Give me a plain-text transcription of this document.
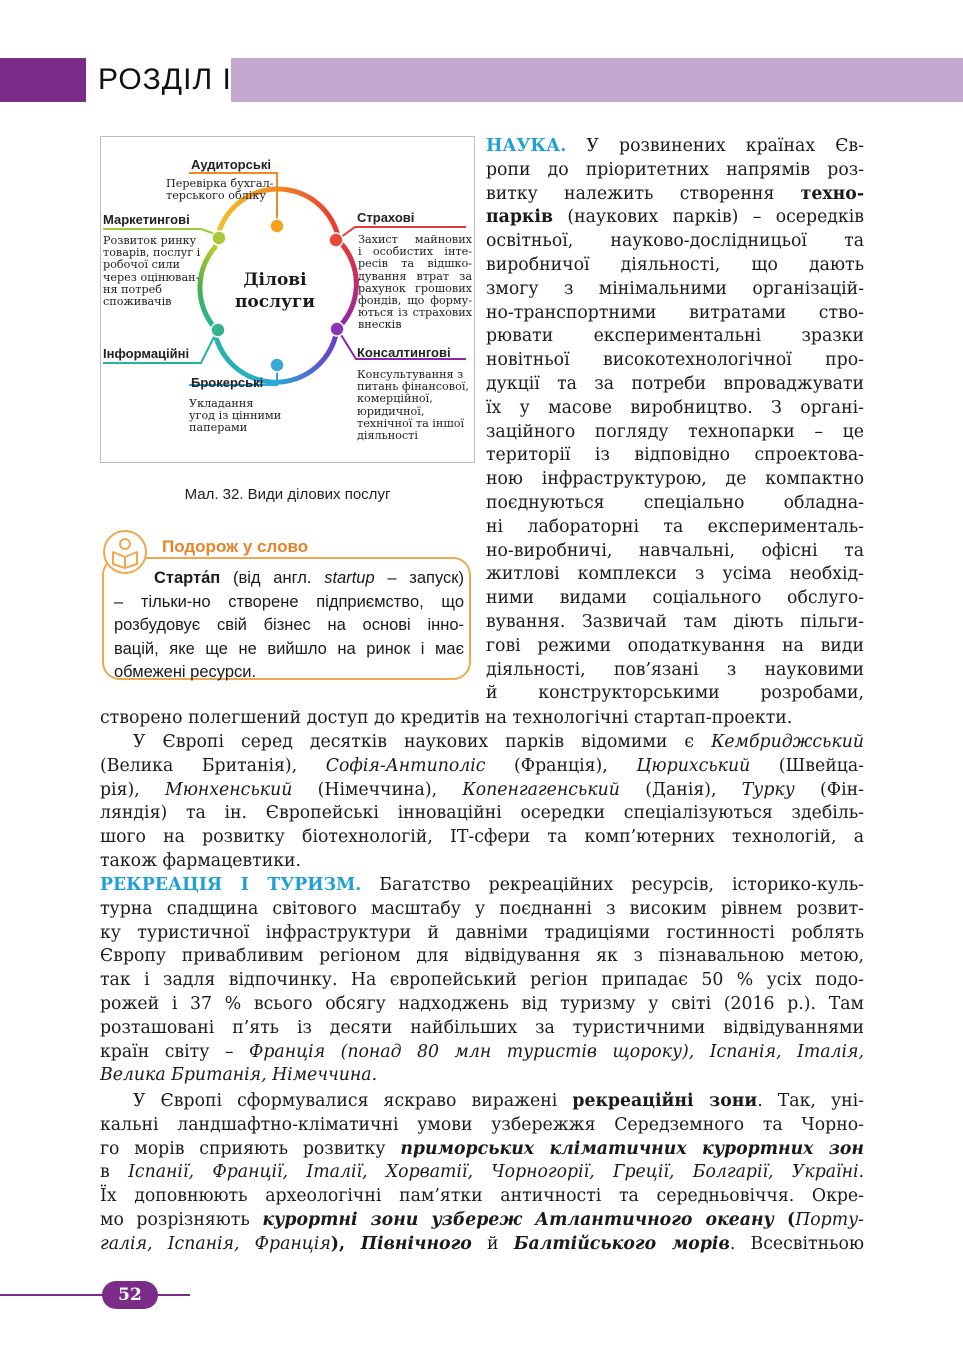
РОЗДІЛ І
Ділові
послуги
Аудиторські
Перевірка бухгал-
терського обліку
Маркетингові
Розвиток ринку
товарів, послуг і
робочої сили
через оцінюван-
ня потреб
споживачів
Страхові
Захист майнових
і особистих інте-
ресів та відшко-
дування втрат за
рахунок грошових
фондів, що форму-
ються із страхових
внесків
Інформаційні
Брокерські
Укладання
угод із цінними
паперами
Консалтингові
Консультування з
питань фінансової,
комерційної,
юридичної,
технічної та іншої
діяльності
Мал. 32. Види ділових послуг
Подорож у слово
Старта́п (від англ. startup – запуск)
– тільки-но створене підприємство, що
розбудовує свій бізнес на основі інно-
вацій, яке ще не вийшло на ринок і має
обмежені ресурси.
НАУКА. У розвинених країнах Єв-
ропи до пріоритетних напрямів роз-
витку належить створення техно-
парків (наукових парків) – осередків
освітньої, науково-дослідницьої та
виробничої діяльності, що дають
змогу з мінімальними організацій-
но-транспортними витратами ство-
рювати експериментальні зразки
новітньої високотехнологічної про-
дукції та за потреби впроваджувати
їх у масове виробництво. З органі-
заційного погляду технопарки – це
території із відповідно спроектова-
ною інфраструктурою, де компактно
поєднуються спеціально обладна-
ні лабораторні та експерименталь-
но-виробничі, навчальні, офісні та
житлові комплекси з усіма необхід-
ними видами соціального обслуго-
вування. Зазвичай там діють пільги-
гові режими оподаткування на види
діяльності, пов’язані з науковими
й конструкторськими розробами,
створено полегшений доступ до кредитів на технологічні стартап-проекти.
У Європі серед десятків наукових парків відомими є Кембриджський
(Велика Британія), Софія-Антиполіс (Франція), Цюрихський (Швейца-
рія), Мюнхенський (Німеччина), Копенгагенський (Данія), Турку (Фін-
ляндія) та ін. Європейські інноваційні осередки спеціалізуються здебіль-
шого на розвитку біотехнологій, ІТ-сфери та комп’ютерних технологій, а
також фармацевтики.
РЕКРЕАЦІЯ І ТУРИЗМ. Багатство рекреаційних ресурсів, історико-куль-
турна спадщина світового масштабу у поєднанні з високим рівнем розвит-
ку туристичної інфраструктури й давніми традиціями гостинності роблять
Європу привабливим регіоном для відвідування як з пізнавальною метою,
так і задля відпочинку. На європейський регіон припадає 50 % усіх подо-
рожей і 37 % всього обсягу надходжень від туризму у світі (2016 р.). Там
розташовані п’ять із десяти найбільших за туристичними відвідуваннями
країн світу – Франція (понад 80 млн туристів щороку), Іспанія, Італія,
Велика Британія, Німеччина.
У Європі сформувалися яскраво виражені рекреаційні зони. Так, уні-
кальні ландшафтно-кліматичні умови узбережжя Середземного та Чорно-
го морів сприяють розвитку приморських кліматичних курортних зон
в Іспанії, Франції, Італії, Хорватії, Чорногорії, Греції, Болгарії, Україні.
Їх доповнюють археологічні пам’ятки античності та середньовіччя. Окре-
мо розрізняють курортні зони узбереж Атлантичного океану (Порту-
галія, Іспанія, Франція), Північного й Балтійського морів. Всесвітньою
52
